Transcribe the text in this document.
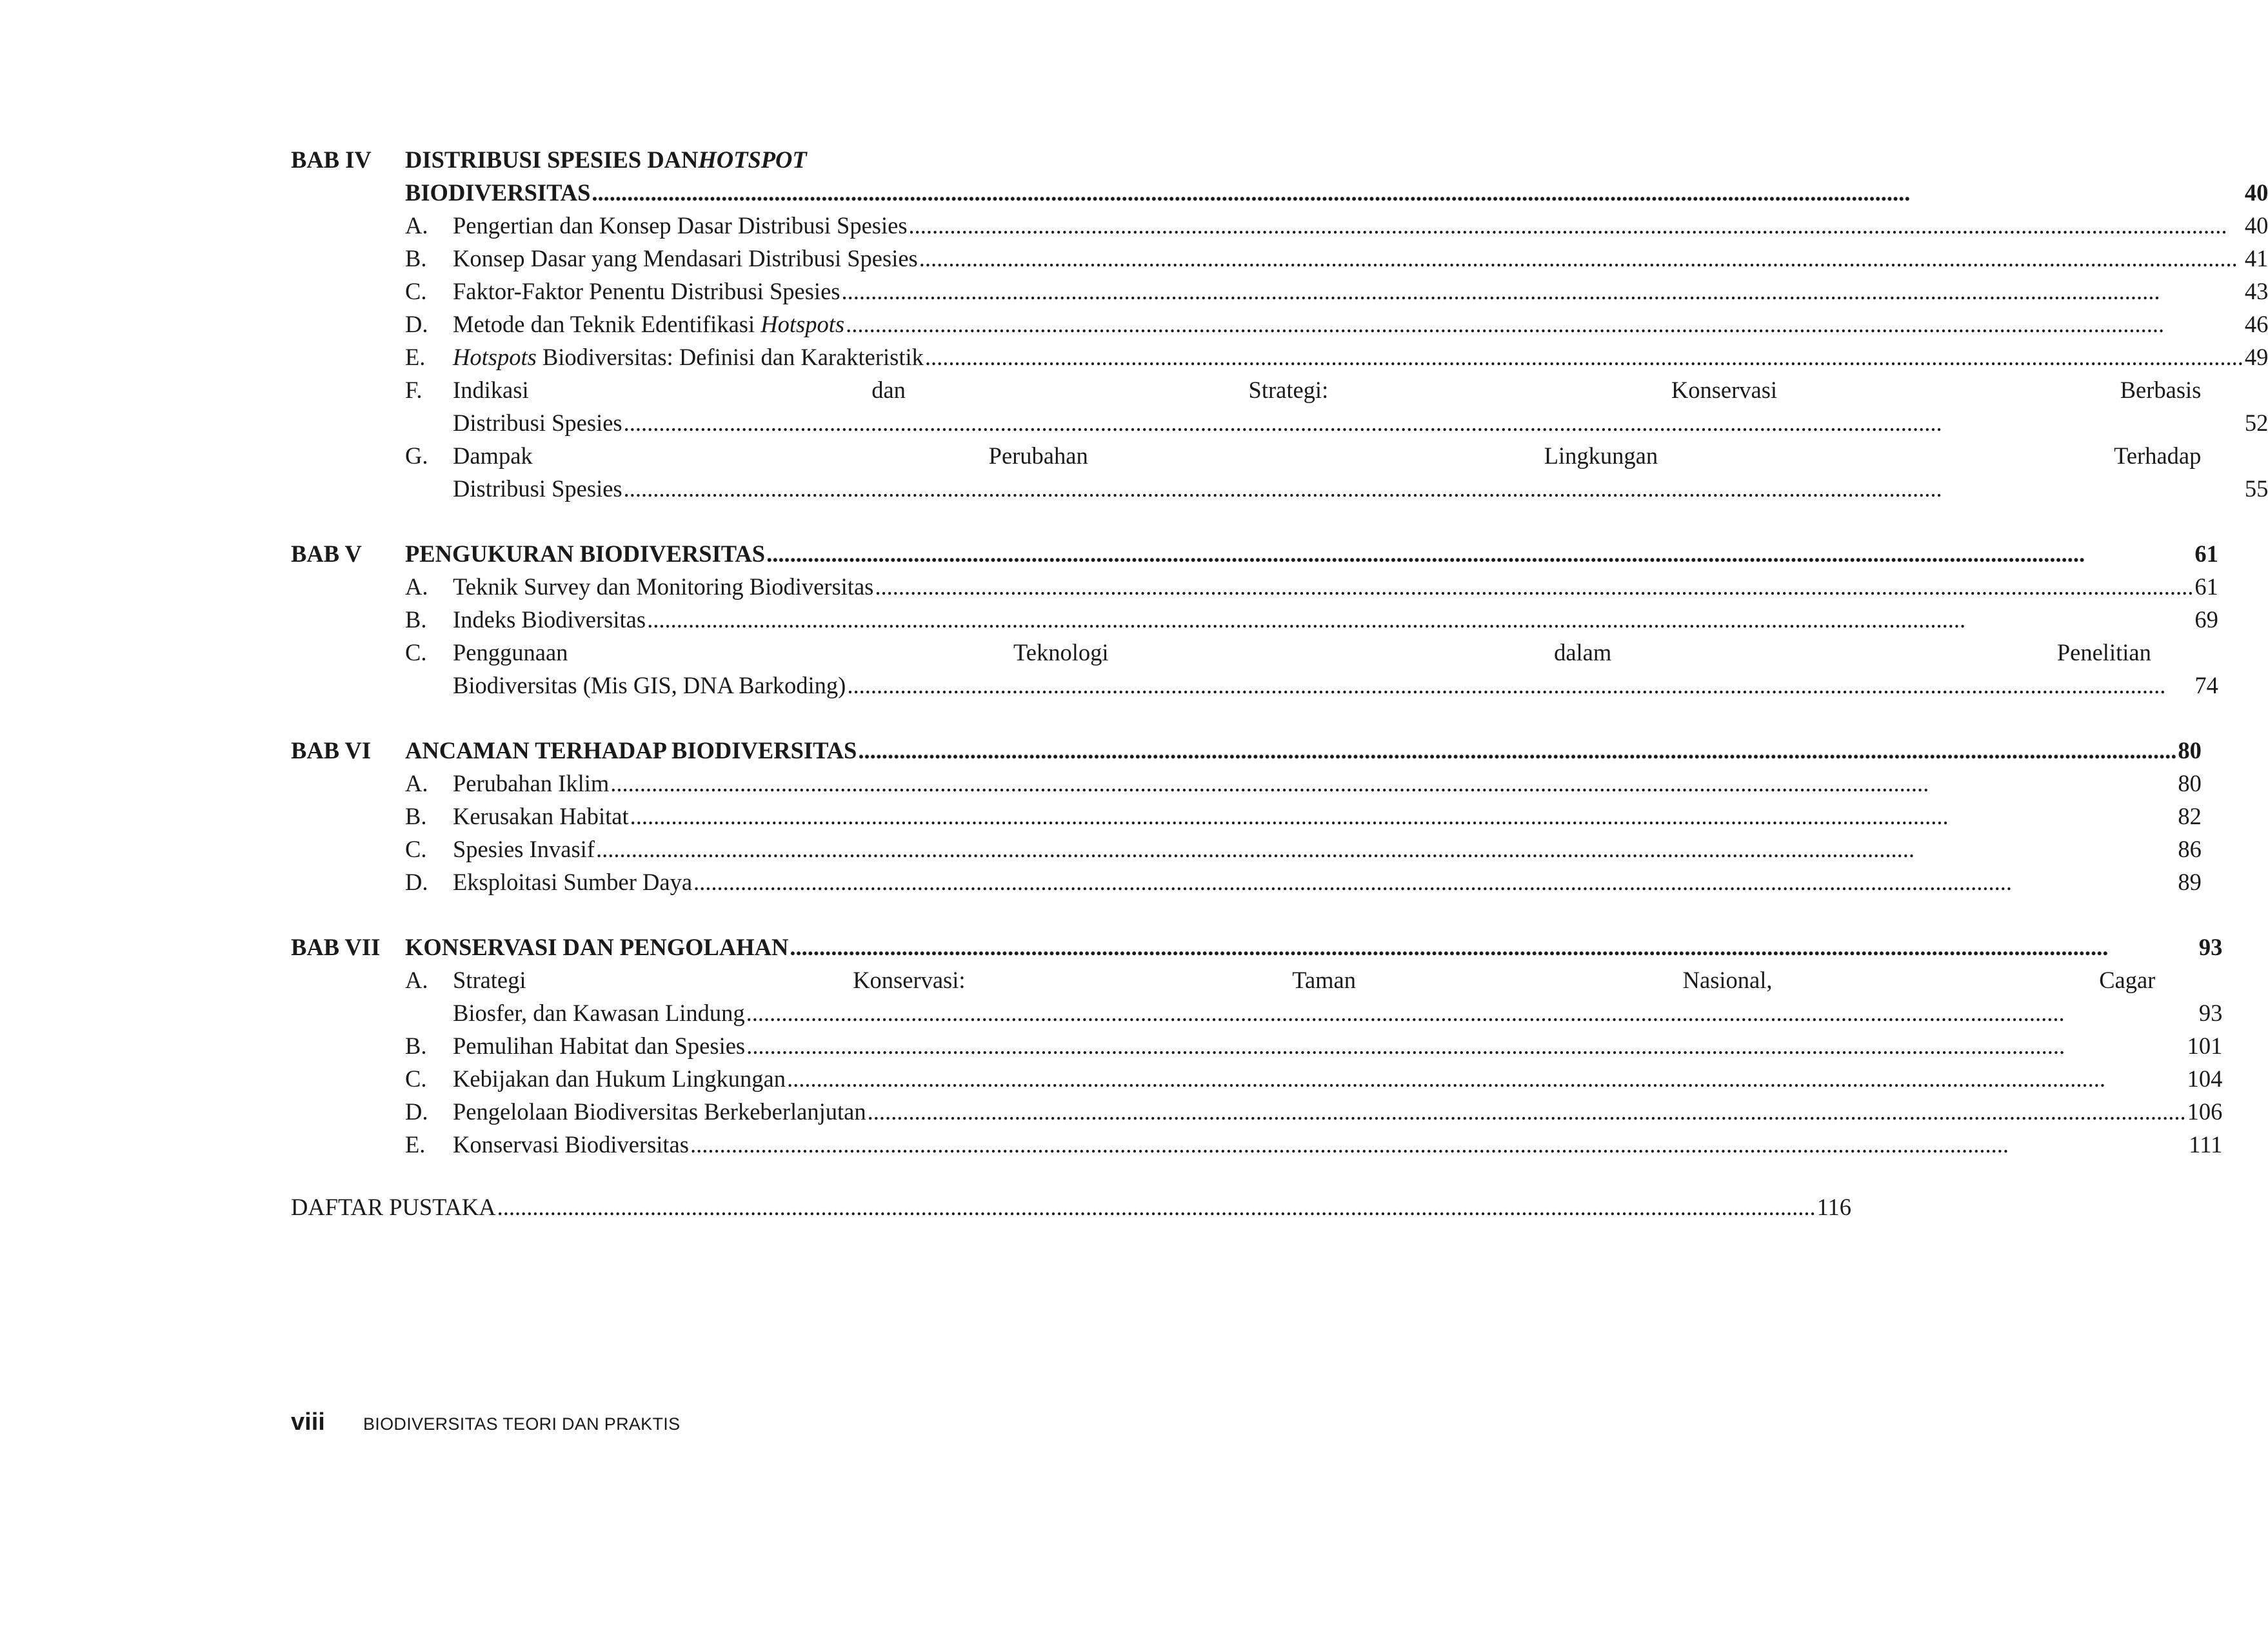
BAB IV	DISTRIBUSI SPESIES DAN HOTSPOT
BIODIVERSITAS .....	40
A.	Pengertian dan Konsep Dasar Distribusi Spesies .....	40
B.	Konsep Dasar yang Mendasari Distribusi Spesies .....	41
C.	Faktor-Faktor Penentu Distribusi Spesies .....	43
D.	Metode dan Teknik Edentifikasi Hotspots .....	46
E.	Hotspots Biodiversitas: Definisi dan Karakteristik .....	49
F.	Indikasi	dan	Strategi:	Konservasi	Berbasis
Distribusi Spesies .....	52
G.	Dampak	Perubahan	Lingkungan	Terhadap
Distribusi Spesies .....	55
BAB V	PENGUKURAN BIODIVERSITAS .....	61
A.	Teknik Survey dan Monitoring Biodiversitas .....	61
B.	Indeks Biodiversitas .....	69
C.	Penggunaan	Teknologi	dalam	Penelitian
Biodiversitas (Mis GIS, DNA Barkoding) .....	74
BAB VI	ANCAMAN TERHADAP BIODIVERSITAS .....	80
A.	Perubahan Iklim .....	80
B.	Kerusakan Habitat .....	82
C.	Spesies Invasif .....	86
D.	Eksploitasi Sumber Daya .....	89
BAB VII	KONSERVASI DAN PENGOLAHAN .....	93
A.	Strategi	Konservasi:	Taman	Nasional,	Cagar
Biosfer, dan Kawasan Lindung .....	93
B.	Pemulihan Habitat dan Spesies .....	101
C.	Kebijakan dan Hukum Lingkungan .....	104
D.	Pengelolaan Biodiversitas Berkeberlanjutan .....	106
E.	Konservasi Biodiversitas .....	111
DAFTAR PUSTAKA .....	116
viii	BIODIVERSITAS TEORI DAN PRAKTIS
